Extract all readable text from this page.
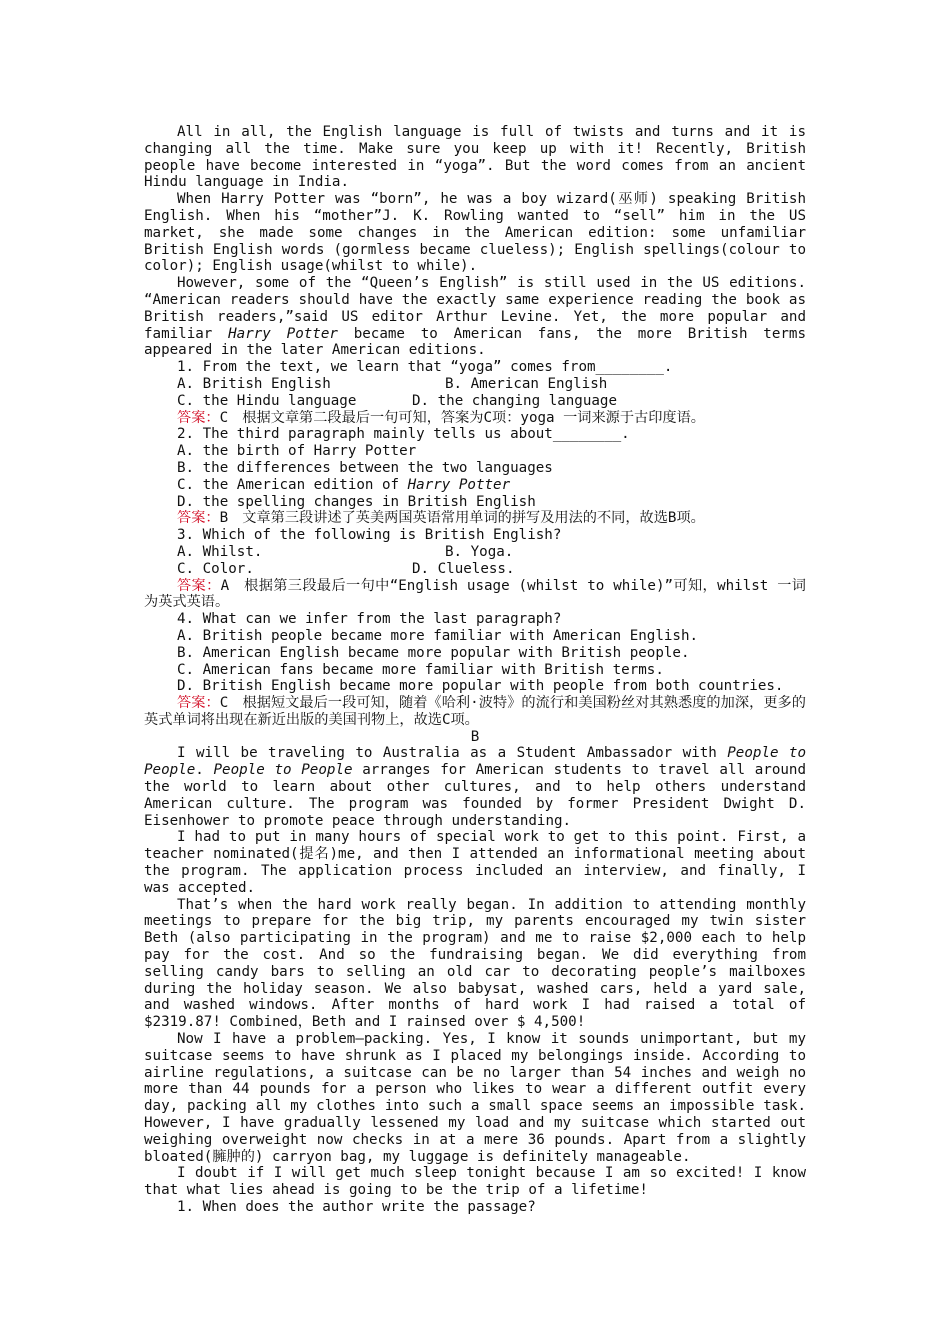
All in all, the English language is full of twists and turns and it is changing all the time. Make sure you keep up with it! Recently, British people have become interested in “yoga”. But the word comes from an ancient Hindu language in India.

When Harry Potter was “born”, he was a boy wizard(巫师) speaking British English. When his “mother”J. K. Rowling wanted to “sell” him in the US market, she made some changes in the American edition: some unfamiliar British English words (gormless became clueless); English spellings(colour to color); English usage(whilst to while).

However, some of the “Queen’s English” is still used in the US editions. “American readers should have the exactly same experience reading the book as British readers,”said US editor Arthur Levine. Yet, the more popular and familiar Harry Potter became to American fans, the more British terms appeared in the later American editions.

1. From the text, we learn that “yoga” comes from________.

A. British English	B. American English

C. the Hindu language	D. the changing language

答案：C　根据文章第二段最后一句可知，答案为C项：yoga 一词来源于古印度语。

2. The third paragraph mainly tells us about________.

A. the birth of Harry Potter

B. the differences between the two languages

C. the American edition of Harry Potter

D. the spelling changes in British English

答案：B　文章第三段讲述了英美两国英语常用单词的拼写及用法的不同，故选B项。

3. Which of the following is British English?

A. Whilst.	B. Yoga.

C. Color.	D. Clueless.

答案：A　根据第三段最后一句中“English usage (whilst to while)”可知，whilst 一词为英式英语。

4. What can we infer from the last paragraph?

A. British people became more familiar with American English.

B. American English became more popular with British people.

C. American fans became more familiar with British terms.

D. British English became more popular with people from both countries.

答案：C　根据短文最后一段可知，随着《哈利·波特》的流行和美国粉丝对其熟悉度的加深，更多的英式单词将出现在新近出版的美国刊物上，故选C项。

B

I will be traveling to Australia as a Student Ambassador with People to People. People to People arranges for American students to travel all around the world to learn about other cultures, and to help others understand American culture. The program was founded by former President Dwight D. Eisenhower to promote peace through understanding.

I had to put in many hours of special work to get to this point. First, a teacher nominated(提名)me, and then I attended an informational meeting about the program. The application process included an interview, and finally, I was accepted.

That’s when the hard work really began. In addition to attending monthly meetings to prepare for the big trip, my parents encouraged my twin sister Beth (also participating in the program) and me to raise $2,000 each to help pay for the cost. And so the fundraising began. We did everything from selling candy bars to selling an old car to decorating people’s mailboxes during the holiday season. We also babysat, washed cars, held a yard sale, and washed windows. After months of hard work I had raised a total of $2319.87! Combined，Beth and I rainsed over $ 4,500!

Now I have a problem—packing. Yes, I know it sounds unimportant, but my suitcase seems to have shrunk as I placed my belongings inside. According to airline regulations, a suitcase can be no larger than 54 inches and weigh no more than 44 pounds for a person who likes to wear a different outfit every day, packing all my clothes into such a small space seems an impossible task. However, I have gradually lessened my load and my suitcase which started out weighing overweight now checks in at a mere 36 pounds. Apart from a slightly bloated(臃肿的) carryon bag, my luggage is definitely manageable.

I doubt if I will get much sleep tonight because I am so excited! I know that what lies ahead is going to be the trip of a lifetime!

1. When does the author write the passage?
